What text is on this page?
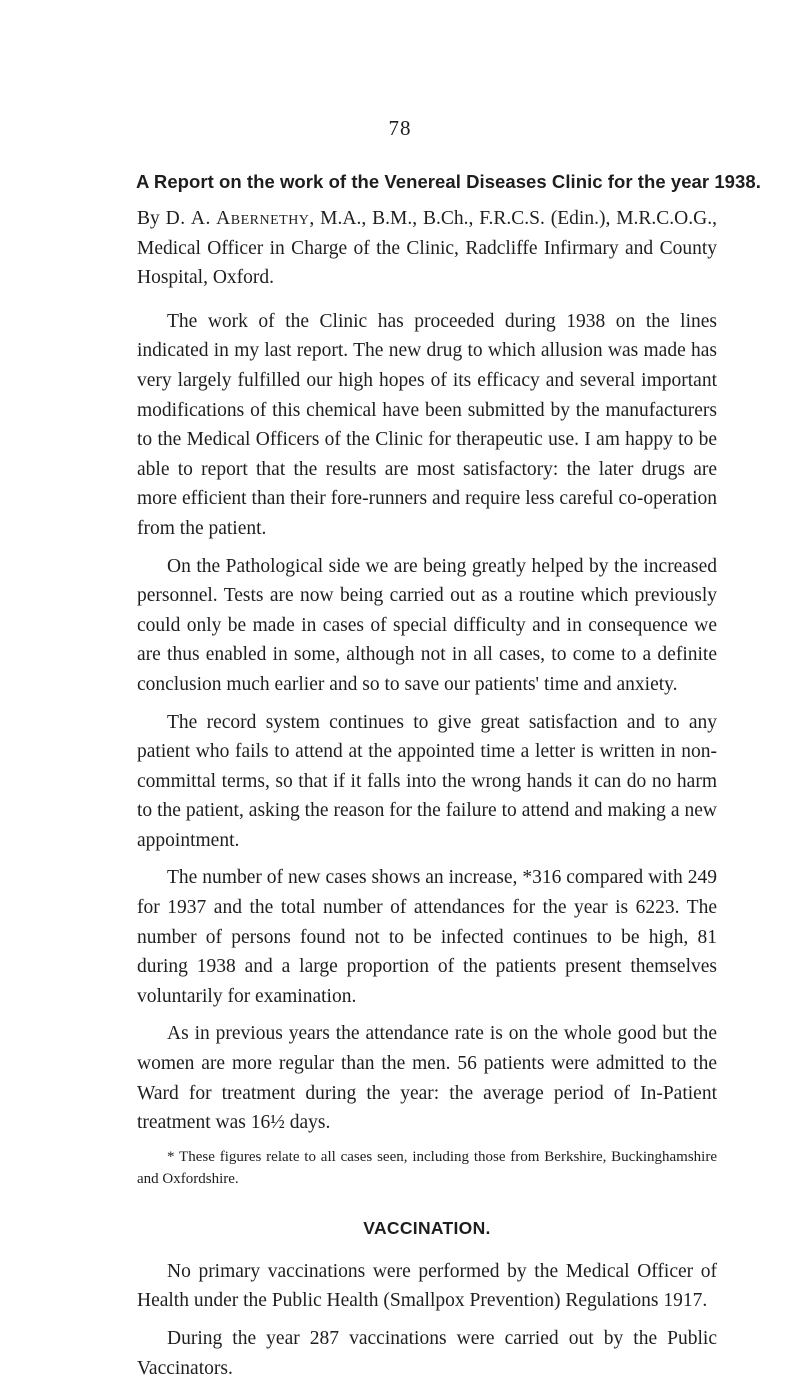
78
A Report on the work of the Venereal Diseases Clinic for the year 1938.

By D. A. Abernethy, M.A., B.M., B.Ch., F.R.C.S. (Edin.), M.R.C.O.G., Medical Officer in Charge of the Clinic, Radcliffe Infirmary and County Hospital, Oxford.

The work of the Clinic has proceeded during 1938 on the lines indicated in my last report. The new drug to which allusion was made has very largely fulfilled our high hopes of its efficacy and several important modifications of this chemical have been submitted by the manufacturers to the Medical Officers of the Clinic for therapeutic use. I am happy to be able to report that the results are most satisfactory: the later drugs are more efficient than their fore-runners and require less careful co-operation from the patient.

On the Pathological side we are being greatly helped by the increased personnel. Tests are now being carried out as a routine which previously could only be made in cases of special difficulty and in consequence we are thus enabled in some, although not in all cases, to come to a definite conclusion much earlier and so to save our patients' time and anxiety.

The record system continues to give great satisfaction and to any patient who fails to attend at the appointed time a letter is written in non-committal terms, so that if it falls into the wrong hands it can do no harm to the patient, asking the reason for the failure to attend and making a new appointment.

The number of new cases shows an increase, *316 compared with 249 for 1937 and the total number of attendances for the year is 6223. The number of persons found not to be infected continues to be high, 81 during 1938 and a large proportion of the patients present themselves voluntarily for examination.

As in previous years the attendance rate is on the whole good but the women are more regular than the men. 56 patients were admitted to the Ward for treatment during the year: the average period of In-Patient treatment was 16½ days.

* These figures relate to all cases seen, including those from Berkshire, Buckinghamshire and Oxfordshire.

VACCINATION.

No primary vaccinations were performed by the Medical Officer of Health under the Public Health (Smallpox Prevention) Regulations 1917.

During the year 287 vaccinations were carried out by the Public Vaccinators.
